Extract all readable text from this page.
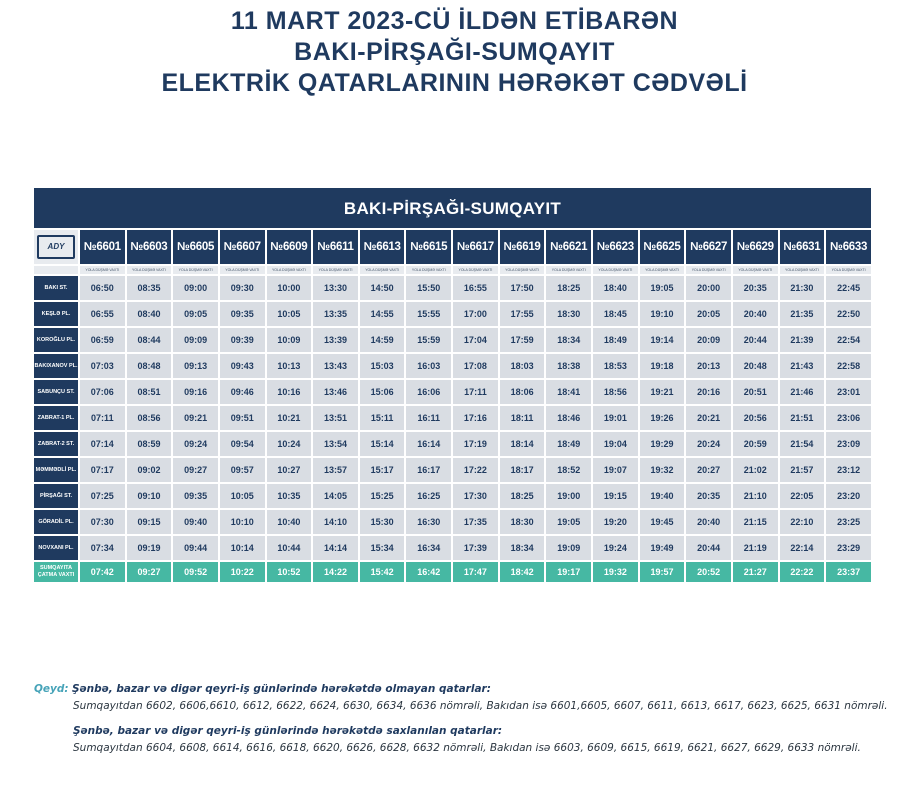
11 MART 2023-CÜ İLDƏN ETİBARƏN
BAKI-PİRŞAĞI-SUMQAYIT
ELEKTRİK QATARLARININ HƏRƏKƏT CƏDVƏLİ
BAKI-PİRŞAĞI-SUMQAYIT
ADY	№6601	№6603	№6605	№6607	№6609	№6611	№6613	№6615	№6617	№6619	№6621	№6623	№6625	№6627	№6629	№6631	№6633
	YOLA DÜŞMƏ VAXTI	YOLA DÜŞMƏ VAXTI	YOLA DÜŞMƏ VAXTI	YOLA DÜŞMƏ VAXTI	YOLA DÜŞMƏ VAXTI	YOLA DÜŞMƏ VAXTI	YOLA DÜŞMƏ VAXTI	YOLA DÜŞMƏ VAXTI	YOLA DÜŞMƏ VAXTI	YOLA DÜŞMƏ VAXTI	YOLA DÜŞMƏ VAXTI	YOLA DÜŞMƏ VAXTI	YOLA DÜŞMƏ VAXTI	YOLA DÜŞMƏ VAXTI	YOLA DÜŞMƏ VAXTI	YOLA DÜŞMƏ VAXTI	YOLA DÜŞMƏ VAXTI
BAKI ST.	06:50	08:35	09:00	09:30	10:00	13:30	14:50	15:50	16:55	17:50	18:25	18:40	19:05	20:00	20:35	21:30	22:45
KEŞLƏ PL.	06:55	08:40	09:05	09:35	10:05	13:35	14:55	15:55	17:00	17:55	18:30	18:45	19:10	20:05	20:40	21:35	22:50
KOROĞLU PL.	06:59	08:44	09:09	09:39	10:09	13:39	14:59	15:59	17:04	17:59	18:34	18:49	19:14	20:09	20:44	21:39	22:54
BAKIXANOV PL.	07:03	08:48	09:13	09:43	10:13	13:43	15:03	16:03	17:08	18:03	18:38	18:53	19:18	20:13	20:48	21:43	22:58
SABUNÇU ST.	07:06	08:51	09:16	09:46	10:16	13:46	15:06	16:06	17:11	18:06	18:41	18:56	19:21	20:16	20:51	21:46	23:01
ZABRAT-1 PL.	07:11	08:56	09:21	09:51	10:21	13:51	15:11	16:11	17:16	18:11	18:46	19:01	19:26	20:21	20:56	21:51	23:06
ZABRAT-2 ST.	07:14	08:59	09:24	09:54	10:24	13:54	15:14	16:14	17:19	18:14	18:49	19:04	19:29	20:24	20:59	21:54	23:09
MƏMMƏDLİ PL.	07:17	09:02	09:27	09:57	10:27	13:57	15:17	16:17	17:22	18:17	18:52	19:07	19:32	20:27	21:02	21:57	23:12
PİRŞAĞI ST.	07:25	09:10	09:35	10:05	10:35	14:05	15:25	16:25	17:30	18:25	19:00	19:15	19:40	20:35	21:10	22:05	23:20
GÖRADİL PL.	07:30	09:15	09:40	10:10	10:40	14:10	15:30	16:30	17:35	18:30	19:05	19:20	19:45	20:40	21:15	22:10	23:25
NOVXANI PL.	07:34	09:19	09:44	10:14	10:44	14:14	15:34	16:34	17:39	18:34	19:09	19:24	19:49	20:44	21:19	22:14	23:29
SUMQAYITA ÇATMA VAXTI	07:42	09:27	09:52	10:22	10:52	14:22	15:42	16:42	17:47	18:42	19:17	19:32	19:57	20:52	21:27	22:22	23:37
Qeyd: Şənbə, bazar və digər qeyri-iş günlərində hərəkətdə olmayan qatarlar:
Sumqayıtdan 6602, 6606,6610, 6612, 6622, 6624, 6630, 6634, 6636 nömrəli, Bakıdan isə 6601,6605, 6607, 6611, 6613, 6617, 6623, 6625, 6631 nömrəli.
Şənbə, bazar və digər qeyri-iş günlərində hərəkətdə saxlanılan qatarlar:
Sumqayıtdan 6604, 6608, 6614, 6616, 6618, 6620, 6626, 6628, 6632 nömrəli, Bakıdan isə 6603, 6609, 6615, 6619, 6621, 6627, 6629, 6633 nömrəli.
